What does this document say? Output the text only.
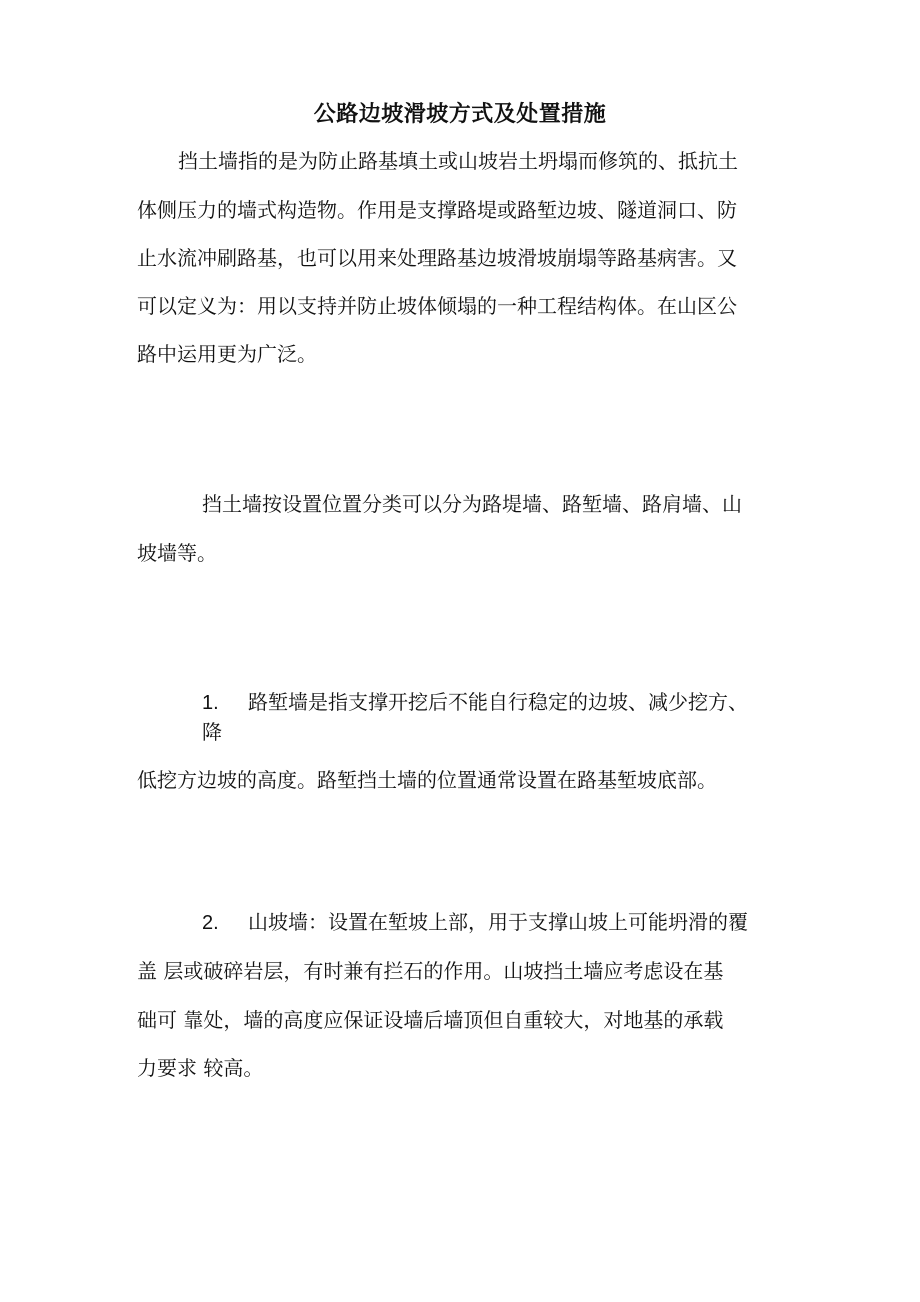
公路边坡滑坡方式及处置措施
挡土墙指的是为防止路基填土或山坡岩土坍塌而修筑的、抵抗土
体侧压力的墙式构造物。作用是支撑路堤或路堑边坡、隧道洞口、防
止水流冲刷路基，也可以用来处理路基边坡滑坡崩塌等路基病害。又
可以定义为：用以支持并防止坡体倾塌的一种工程结构体。在山区公
路中运用更为广泛。
挡土墙按设置位置分类可以分为路堤墙、路堑墙、路肩墙、山
坡墙等。
1. 路堑墙是指支撑开挖后不能自行稳定的边坡、减少挖方、
降
低挖方边坡的高度。路堑挡土墙的位置通常设置在路基堑坡底部。
2. 山坡墙：设置在堑坡上部，用于支撑山坡上可能坍滑的覆
盖 层或破碎岩层，有时兼有拦石的作用。山坡挡土墙应考虑设在基
础可 靠处，墙的高度应保证设墙后墙顶但自重较大，对地基的承载
力要求 较高。
